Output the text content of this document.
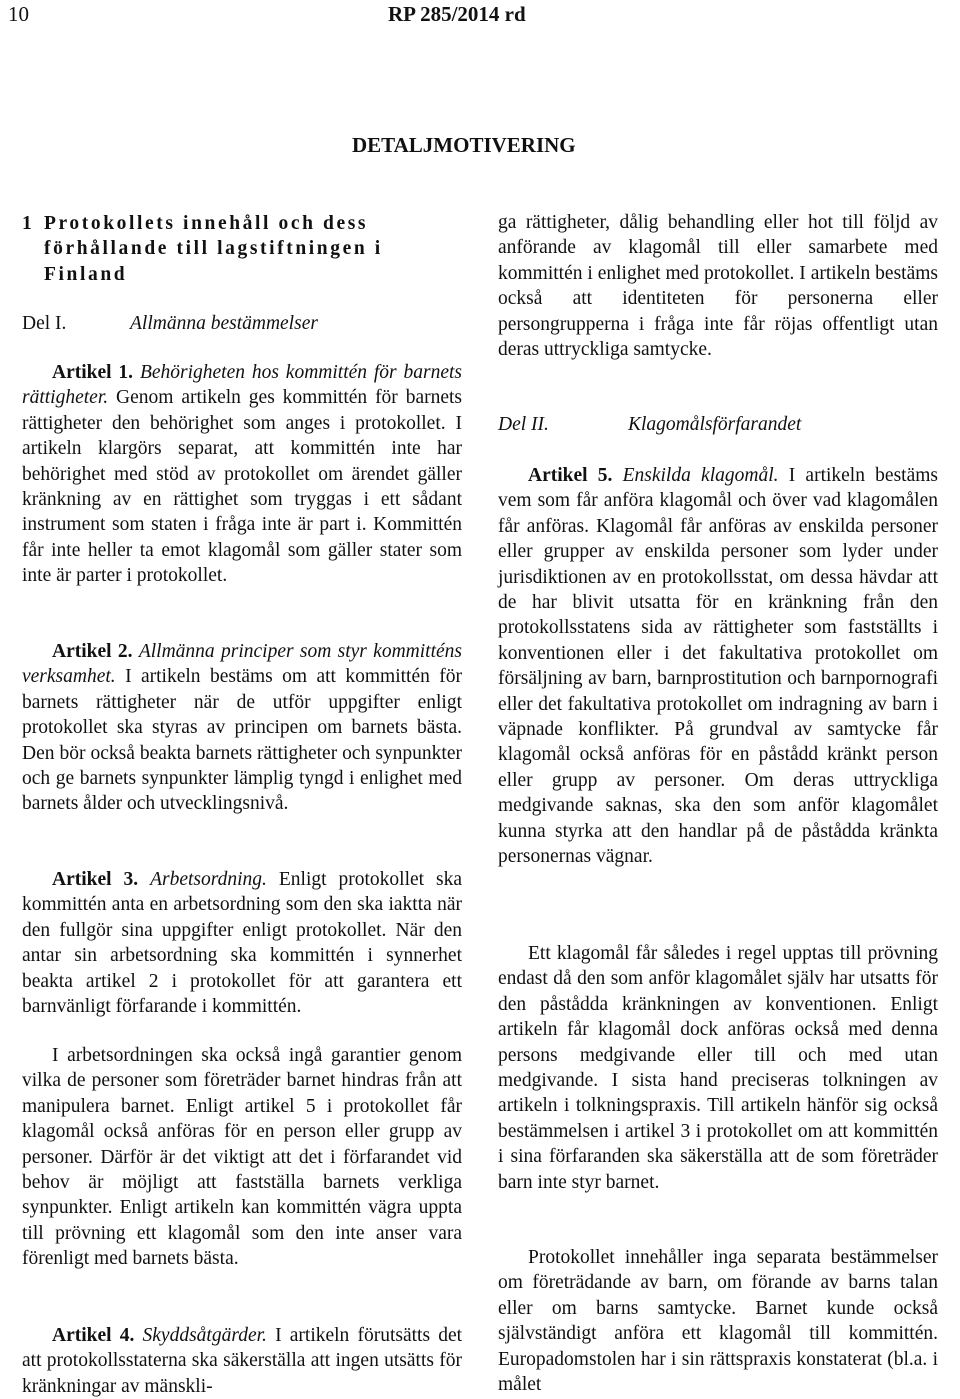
10	RP 285/2014 rd
DETALJMOTIVERING
1 Protokollets innehåll och dess
förhållande till lagstiftningen i
Finland
Del I.	Allmänna bestämmelser

Artikel 1. Behörigheten hos kommittén för barnets rättigheter. Genom artikeln ges kommittén för barnets rättigheter den behörighet som anges i protokollet. I artikeln klargörs separat, att kommittén inte har behörighet med stöd av protokollet om ärendet gäller kränkning av en rättighet som tryggas i ett sådant instrument som staten i fråga inte är part i. Kommittén får inte heller ta emot klagomål som gäller stater som inte är parter i protokollet.

Artikel 2. Allmänna principer som styr kommitténs verksamhet. I artikeln bestäms om att kommittén för barnets rättigheter när de utför uppgifter enligt protokollet ska styras av principen om barnets bästa. Den bör också beakta barnets rättigheter och synpunkter och ge barnets synpunkter lämplig tyngd i enlighet med barnets ålder och utvecklingsnivå.

Artikel 3. Arbetsordning. Enligt protokollet ska kommittén anta en arbetsordning som den ska iaktta när den fullgör sina uppgifter enligt protokollet. När den antar sin arbetsordning ska kommittén i synnerhet beakta artikel 2 i protokollet för att garantera ett barnvänligt förfarande i kommittén.

I arbetsordningen ska också ingå garantier genom vilka de personer som företräder barnet hindras från att manipulera barnet. Enligt artikel 5 i protokollet får klagomål också anföras för en person eller grupp av personer. Därför är det viktigt att det i förfarandet vid behov är möjligt att fastställa barnets verkliga synpunkter. Enligt artikeln kan kommittén vägra uppta till prövning ett klagomål som den inte anser vara förenligt med barnets bästa.

Artikel 4. Skyddsåtgärder. I artikeln förutsätts det att protokollsstaterna ska säkerställa att ingen utsätts för kränkningar av mänskli-

ga rättigheter, dålig behandling eller hot till följd av anförande av klagomål till eller samarbete med kommittén i enlighet med protokollet. I artikeln bestäms också att identiteten för personerna eller persongrupperna i fråga inte får röjas offentligt utan deras uttryckliga samtycke.

Del II.	Klagomålsförfarandet

Artikel 5. Enskilda klagomål. I artikeln bestäms vem som får anföra klagomål och över vad klagomålen får anföras. Klagomål får anföras av enskilda personer eller grupper av enskilda personer som lyder under jurisdiktionen av en protokollsstat, om dessa hävdar att de har blivit utsatta för en kränkning från den protokollsstatens sida av rättigheter som fastställts i konventionen eller i det fakultativa protokollet om försäljning av barn, barnprostitution och barnpornografi eller det fakultativa protokollet om indragning av barn i väpnade konflikter. På grundval av samtycke får klagomål också anföras för en påstådd kränkt person eller grupp av personer. Om deras uttryckliga medgivande saknas, ska den som anför klagomålet kunna styrka att den handlar på de påstådda kränkta personernas vägnar.

Ett klagomål får således i regel upptas till prövning endast då den som anför klagomålet själv har utsatts för den påstådda kränkningen av konventionen. Enligt artikeln får klagomål dock anföras också med denna persons medgivande eller till och med utan medgivande. I sista hand preciseras tolkningen av artikeln i tolkningspraxis. Till artikeln hänför sig också bestämmelsen i artikel 3 i protokollet om att kommittén i sina förfaranden ska säkerställa att de som företräder barn inte styr barnet.

Protokollet innehåller inga separata bestämmelser om företrädande av barn, om förande av barns talan eller om barns samtycke. Barnet kunde också självständigt anföra ett klagomål till kommittén. Europadomstolen har i sin rättspraxis konstaterat (bl.a. i målet
